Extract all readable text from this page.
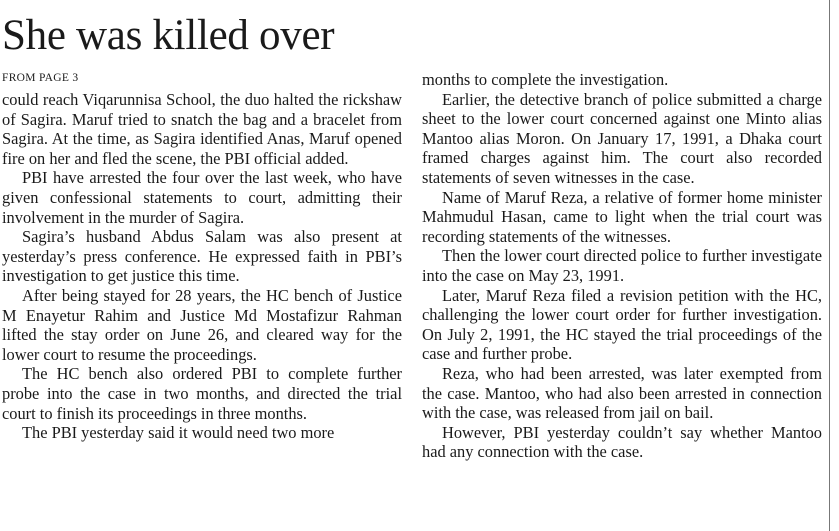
She was killed over
FROM PAGE 3

could reach Viqarunnisa School, the duo halted the rickshaw of Sagira. Maruf tried to snatch the bag and a bracelet from Sagira. At the time, as Sagira identified Anas, Maruf opened fire on her and fled the scene, the PBI official added.

PBI have arrested the four over the last week, who have given confessional statements to court, admitting their involvement in the murder of Sagira.

Sagira’s husband Abdus Salam was also present at yesterday’s press conference. He expressed faith in PBI’s investigation to get justice this time.

After being stayed for 28 years, the HC bench of Justice M Enayetur Rahim and Justice Md Mostafizur Rahman lifted the stay order on June 26, and cleared way for the lower court to resume the proceedings.

The HC bench also ordered PBI to complete further probe into the case in two months, and directed the trial court to finish its proceedings in three months.

The PBI yesterday said it would need two more

months to complete the investigation.

Earlier, the detective branch of police submitted a charge sheet to the lower court concerned against one Minto alias Mantoo alias Moron. On January 17, 1991, a Dhaka court framed charges against him. The court also recorded statements of seven witnesses in the case.

Name of Maruf Reza, a relative of former home minister Mahmudul Hasan, came to light when the trial court was recording statements of the witnesses.

Then the lower court directed police to further investigate into the case on May 23, 1991.

Later, Maruf Reza filed a revision petition with the HC, challenging the lower court order for further investigation. On July 2, 1991, the HC stayed the trial proceedings of the case and further probe.

Reza, who had been arrested, was later exempted from the case. Mantoo, who had also been arrested in connection with the case, was released from jail on bail.

However, PBI yesterday couldn’t say whether Mantoo had any connection with the case.
